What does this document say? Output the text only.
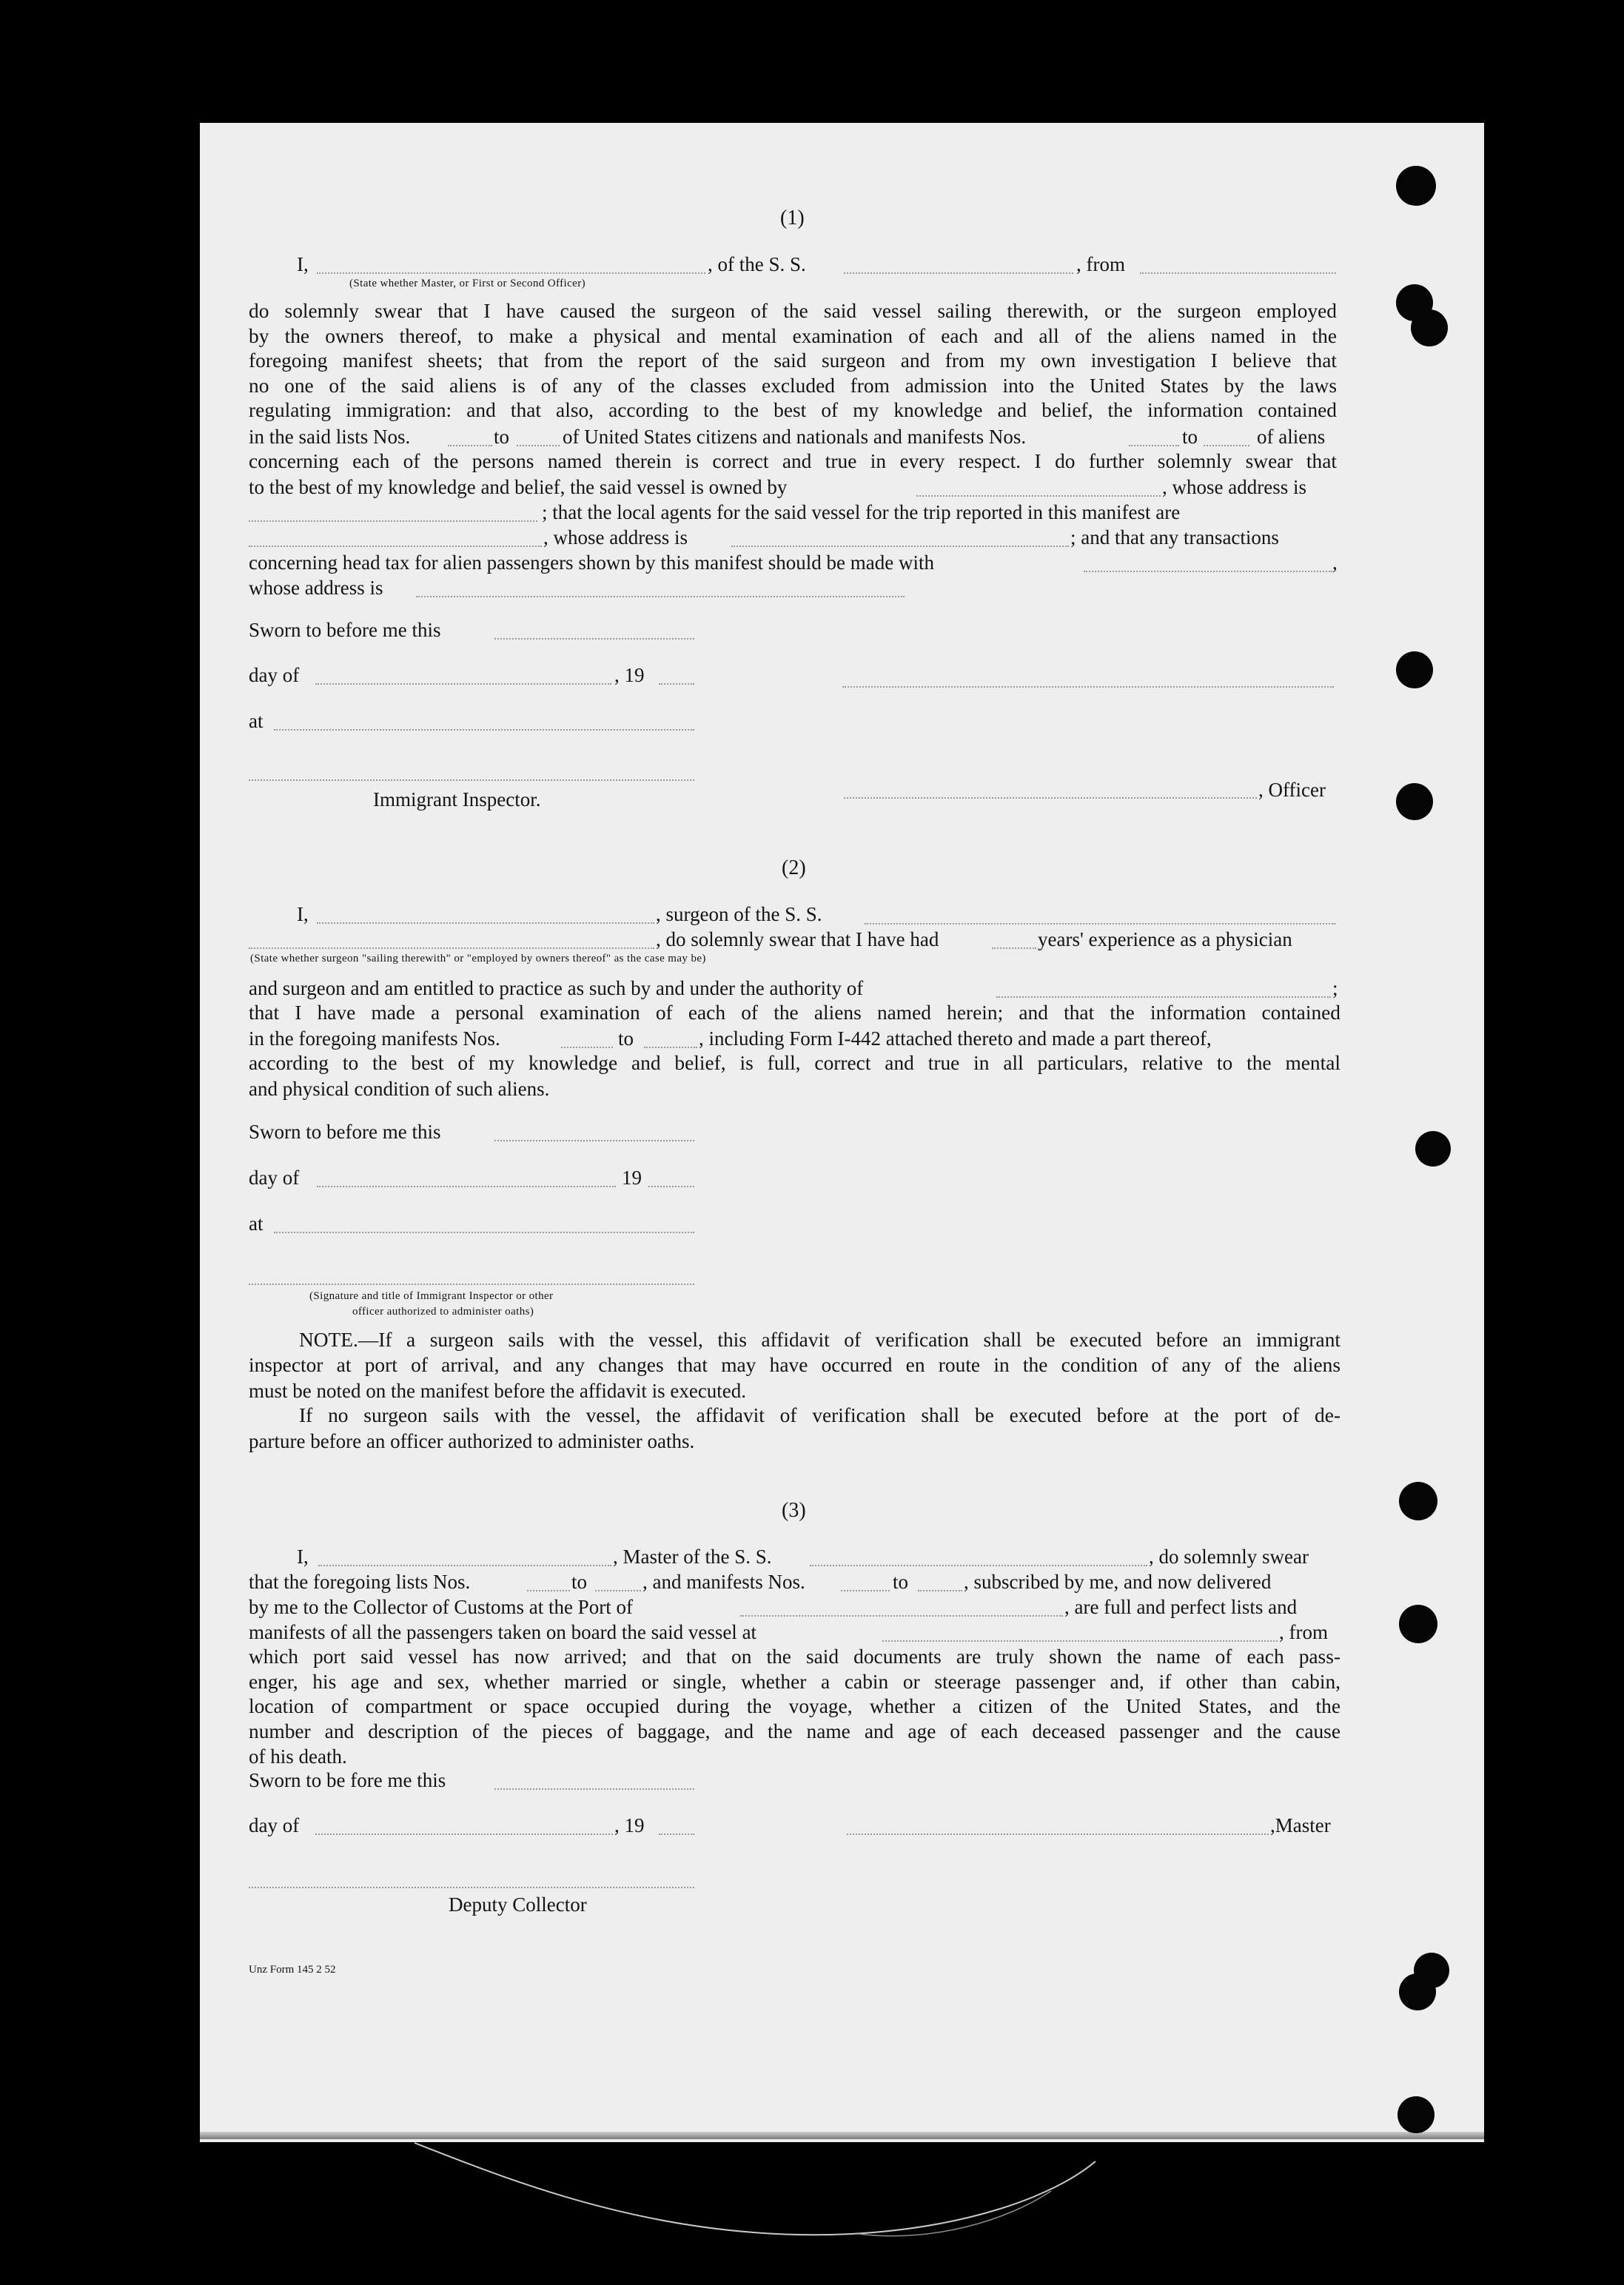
(1)
I,	, of the S. S.	, from
(State whether Master, or First or Second Officer)
do solemnly swear that I have caused the surgeon of the said vessel sailing therewith, or the surgeon employed
by the owners thereof, to make a physical and mental examination of each and all of the aliens named in the
foregoing manifest sheets; that from the report of the said surgeon and from my own investigation I believe that
no one of the said aliens is of any of the classes excluded from admission into the United States by the laws
regulating immigration: and that also, according to the best of my knowledge and belief, the information contained
in the said lists Nos.	to	of United States citizens and nationals and manifests Nos.	to	of aliens
concerning each of the persons named therein is correct and true in every respect. I do further solemnly swear that
to the best of my knowledge and belief, the said vessel is owned by	, whose address is
; that the local agents for the said vessel for the trip reported in this manifest are
, whose address is	; and that any transactions
concerning head tax for alien passengers shown by this manifest should be made with	,
whose address is
Sworn to before me this
day of	, 19
at
Immigrant Inspector.	, Officer
(2)
, surgeon of the S. S.
I,
, do solemnly swear that I have had	years' experience as a physician
(State whether surgeon "sailing therewith" or "employed by owners thereof" as the case may be)
and surgeon and am entitled to practice as such by and under the authority of	;
that I have made a personal examination of each of the aliens named herein; and that the information contained
in the foregoing manifests Nos.	to	, including Form I-442 attached thereto and made a part thereof,
according to the best of my knowledge and belief, is full, correct and true in all particulars, relative to the mental
and physical condition of such aliens.
Sworn to before me this
day of	19
at
(Signature and title of Immigrant Inspector or other
officer authorized to administer oaths)
NOTE.—If a surgeon sails with the vessel, this affidavit of verification shall be executed before an immigrant
inspector at port of arrival, and any changes that may have occurred en route in the condition of any of the aliens
must be noted on the manifest before the affidavit is executed.
If no surgeon sails with the vessel, the affidavit of verification shall be executed before at the port of de-
parture before an officer authorized to administer oaths.
(3)
I,	, Master of the S. S.	, do solemnly swear
that the foregoing lists Nos.	to	, and manifests Nos.	to	, subscribed by me, and now delivered
by me to the Collector of Customs at the Port of	, are full and perfect lists and
manifests of all the passengers taken on board the said vessel at	, from
which port said vessel has now arrived; and that on the said documents are truly shown the name of each pass-
enger, his age and sex, whether married or single, whether a cabin or steerage passenger and, if other than cabin,
location of compartment or space occupied during the voyage, whether a citizen of the United States, and the
number and description of the pieces of baggage, and the name and age of each deceased passenger and the cause
of his death.
Sworn to be fore me this
day of	, 19	,Master
Deputy Collector
Unz Form 145 2 52
